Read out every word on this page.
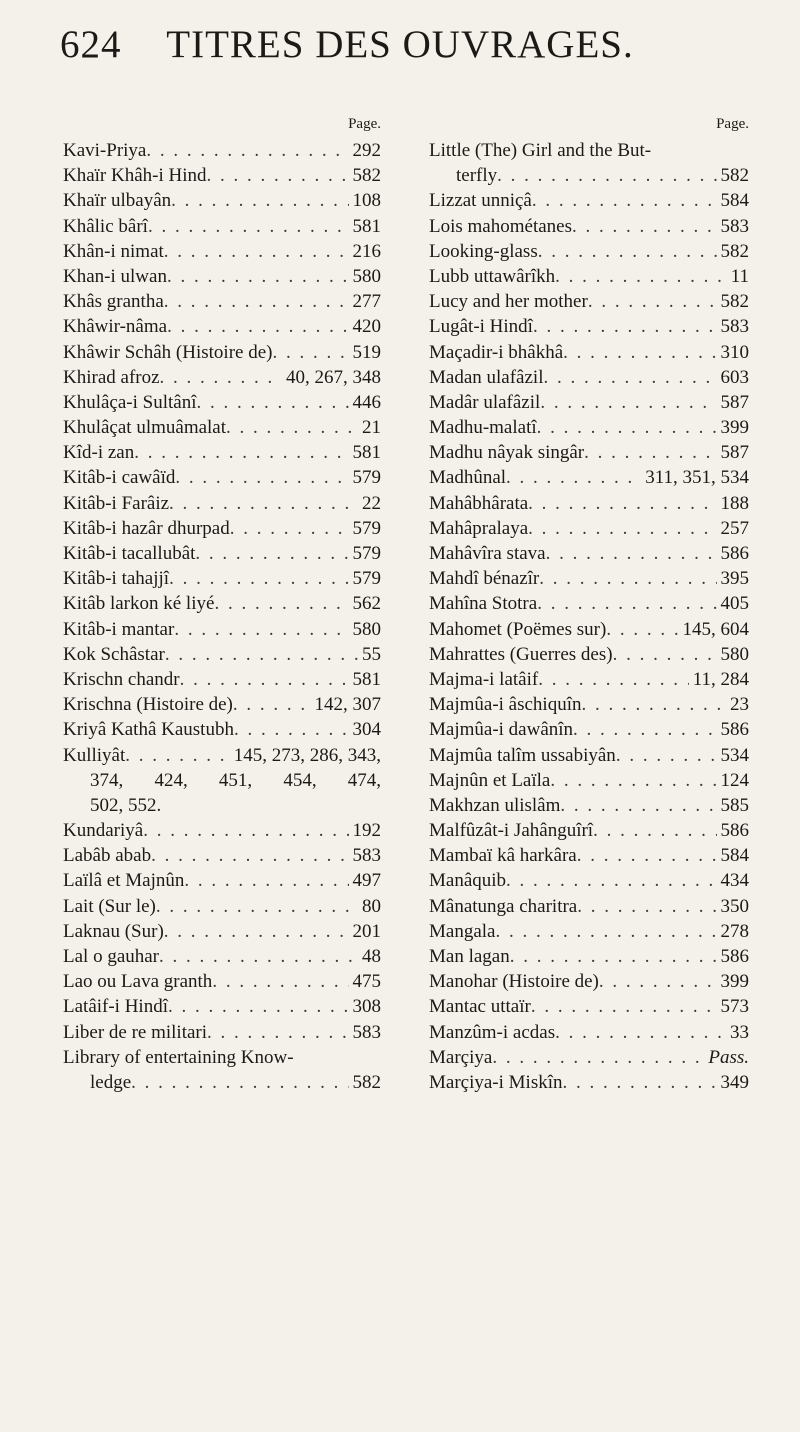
624	TITRES DES OUVRAGES.
Page.
Kavi-Priya . . .	292
Khaïr Khâh-i Hind . . .	582
Khaïr ulbayân . . .	108
Khâlic bârî . . .	581
Khân-i nimat . . .	216
Khan-i ulwan . . .	580
Khâs grantha . . .	277
Khâwir-nâma . . .	420
Khâwir Schâh (Histoire de) . . .	519
Khirad afroz . . .	40, 267, 348
Khulâça-i Sultânî . . .	446
Khulâçat ulmuâmalat . . .	21
Kîd-i zan . . .	581
Kitâb-i cawâïd . . .	579
Kitâb-i Farâiz . . .	22
Kitâb-i hazâr dhurpad . . .	579
Kitâb-i tacallubât . . .	579
Kitâb-i tahajjî . . .	579
Kitâb larkon ké liyé . . .	562
Kitâb-i mantar . . .	580
Kok Schâstar . . .	55
Krischn chandr . . .	581
Krischna (Histoire de) . . .	142, 307
Kriyâ Kathâ Kaustubh . . .	304
Kulliyât . . .	145, 273, 286, 343,
374, 424, 451, 454, 474,
502, 552.
Kundariyâ . . .	192
Labâb abab . . .	583
Laïlâ et Majnûn . . .	497
Lait (Sur le) . . .	80
Laknau (Sur) . . .	201
Lal o gauhar . . .	48
Lao ou Lava granth . . .	475
Latâif-i Hindî . . .	308
Liber de re militari . . .	583
Library of entertaining Know-
ledge . . .	582
Page.
Little (The) Girl and the But-
terfly . . .	582
Lizzat unniçâ . . .	584
Lois mahométanes . . .	583
Looking-glass . . .	582
Lubb uttawârîkh . . .	11
Lucy and her mother . . .	582
Lugât-i Hindî . . .	583
Maçadir-i bhâkhâ . . .	310
Madan ulafâzil . . .	603
Madâr ulafâzil . . .	587
Madhu-malatî . . .	399
Madhu nâyak singâr . . .	587
Madhûnal . . .	311, 351, 534
Mahâbhârata . . .	188
Mahâpralaya . . .	257
Mahâvîra stava . . .	586
Mahdî bénazîr . . .	395
Mahîna Stotra . . .	405
Mahomet (Poëmes sur) . . .	145, 604
Mahrattes (Guerres des) . . .	580
Majma-i latâif . . .	11, 284
Majmûa-i âschiquîn . . .	23
Majmûa-i dawânîn . . .	586
Majmûa talîm ussabiyân . . .	534
Majnûn et Laïla . . .	124
Makhzan ulislâm . . .	585
Malfûzât-i Jahânguîrî . . .	586
Mambaï kâ harkâra . . .	584
Manâquib . . .	434
Mânatunga charitra . . .	350
Mangala . . .	278
Man lagan . . .	586
Manohar (Histoire de) . . .	399
Mantac uttaïr . . .	573
Manzûm-i acdas . . .	33
Marçiya . . .	Pass.
Marçiya-i Miskîn . . .	349
